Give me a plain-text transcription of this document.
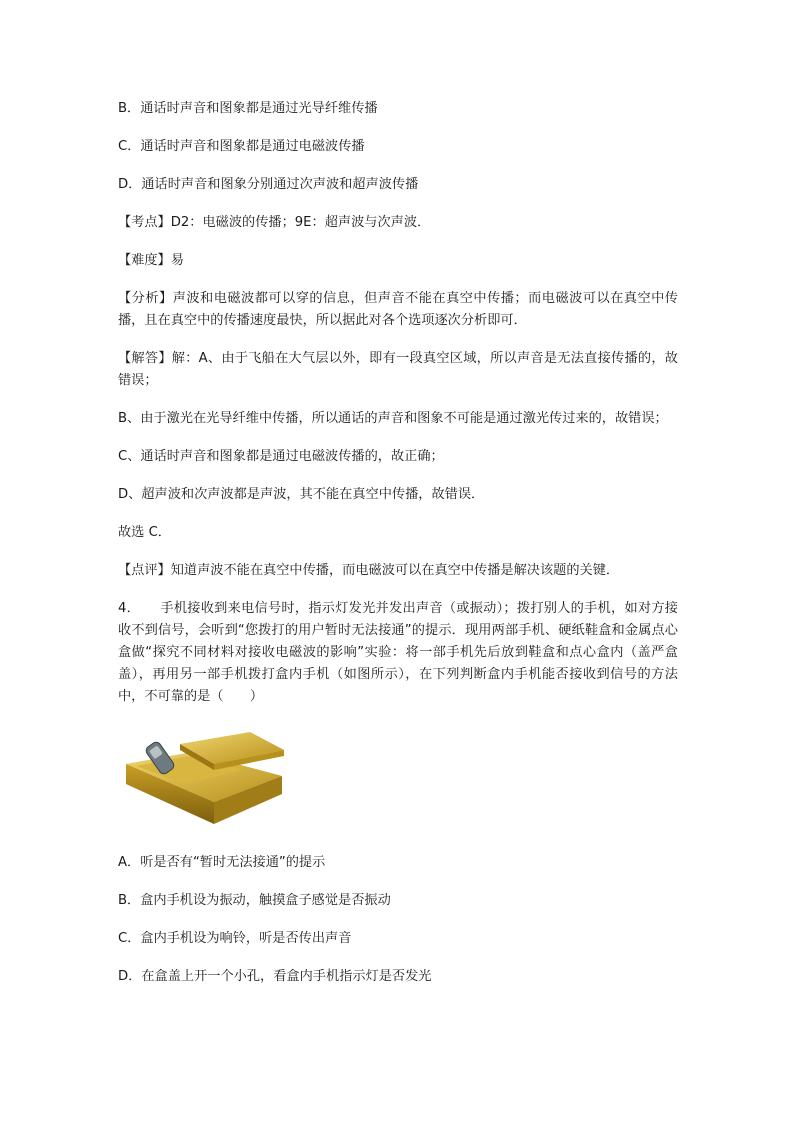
B．通话时声音和图象都是通过光导纤维传播

C．通话时声音和图象都是通过电磁波传播

D．通话时声音和图象分别通过次声波和超声波传播

【考点】D2：电磁波的传播；9E：超声波与次声波．

【难度】易

【分析】声波和电磁波都可以穿的信息，但声音不能在真空中传播；而电磁波可以在真空中传播，且在真空中的传播速度最快，所以据此对各个选项逐次分析即可．

【解答】解：A、由于飞船在大气层以外，即有一段真空区域，所以声音是无法直接传播的，故错误；

B、由于激光在光导纤维中传播，所以通话的声音和图象不可能是通过激光传过来的，故错误；

C、通话时声音和图象都是通过电磁波传播的，故正确；

D、超声波和次声波都是声波，其不能在真空中传播，故错误．

故选 C．

【点评】知道声波不能在真空中传播，而电磁波可以在真空中传播是解决该题的关键．

4．　　手机接收到来电信号时，指示灯发光并发出声音（或振动）；拨打别人的手机，如对方接收不到信号，会听到“您拨打的用户暂时无法接通”的提示．现用两部手机、硬纸鞋盒和金属点心盒做“探究不同材料对接收电磁波的影响”实验：将一部手机先后放到鞋盒和点心盒内（盖严盒盖），再用另一部手机拨打盒内手机（如图所示），在下列判断盒内手机能否接收到信号的方法中，不可靠的是（　　）

A．听是否有“暂时无法接通”的提示

B．盒内手机设为振动，触摸盒子感觉是否振动

C．盒内手机设为响铃，听是否传出声音

D．在盒盖上开一个小孔，看盒内手机指示灯是否发光
